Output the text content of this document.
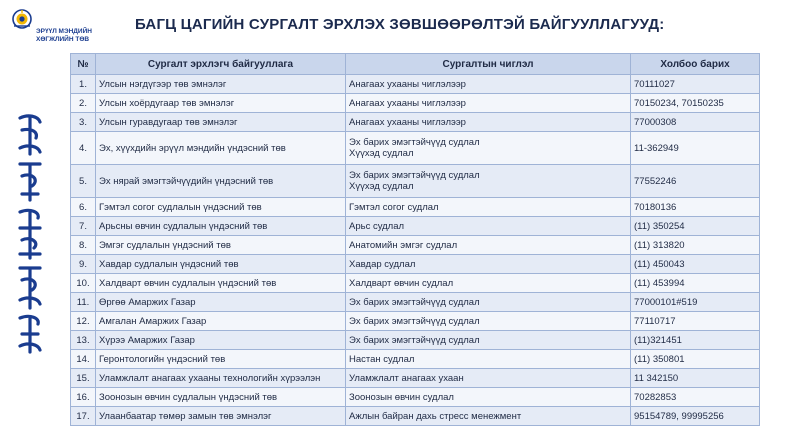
ЭРҮҮЛ МЭНДИЙН
ХӨГЖЛИЙН ТӨВ
БАГЦ ЦАГИЙН СУРГАЛТ ЭРХЛЭХ ЗӨВШӨӨРӨЛТЭЙ БАЙГУУЛЛАГУУД:
№	Сургалт эрхлэгч байгууллага	Сургалтын чиглэл	Холбоо барих
1.	Улсын нэгдүгээр төв эмнэлэг	Анагаах ухааны чиглэлээр	70111027
2.	Улсын хоёрдугаар төв эмнэлэг	Анагаах ухааны чиглэлээр	70150234, 70150235
3.	Улсын гуравдугаар төв эмнэлэг	Анагаах ухааны чиглэлээр	77000308
4.	Эх, хүүхдийн эрүүл мэндийн үндэсний төв	Эх барих эмэгтэйчүүд судлал
Хүүхэд судлал	11-362949
5.	Эх нярай эмэгтэйчүүдийн үндэсний төв	Эх барих эмэгтэйчүүд судлал
Хүүхэд судлал	77552246
6.	Гэмтэл согог судлалын үндэсний төв	Гэмтэл согог судлал	70180136
7.	Арьсны өвчин судлалын үндэсний төв	Арьс судлал	(11) 350254
8.	Эмгэг судлалын үндэсний төв	Анатомийн эмгэг судлал	(11) 313820
9.	Хавдар судлалын үндэсний төв	Хавдар судлал	(11) 450043
10.	Халдварт өвчин судлалын үндэсний төв	Халдварт өвчин судлал	(11) 453994
11.	Өргөө Амаржих Газар	Эх барих эмэгтэйчүүд судлал	77000101#519
12.	Амгалан Амаржих Газар	Эх барих эмэгтэйчүүд судлал	77110717
13.	Хүрээ Амаржих Газар	Эх барих эмэгтэйчүүд судлал	(11)321451
14.	Геронтологийн үндэсний төв	Настан судлал	(11) 350801
15.	Уламжлалт анагаах ухааны технологийн хүрээлэн	Уламжлалт анагаах ухаан	11 342150
16.	Зоонозын өвчин судлалын үндэсний төв	Зоонозын өвчин судлал	70282853
17.	Улаанбаатар төмөр замын төв эмнэлэг	Ажлын байран дахь стресс менежмент	95154789, 99995256
